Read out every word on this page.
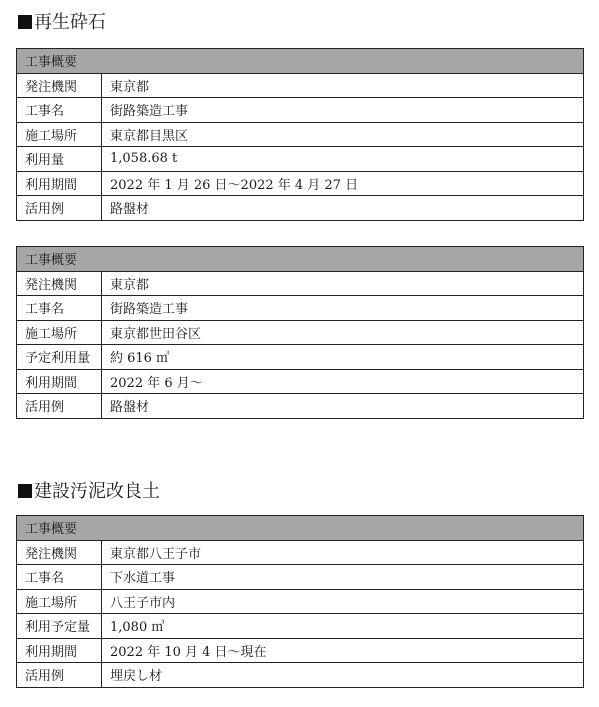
再生砕石
工事概要	
発注機関	東京都
工事名	街路築造工事
施工場所	東京都目黒区
利用量	1,058.68 t
利用期間	2022 年 1 月 26 日～2022 年 4 月 27 日
活用例	路盤材
工事概要	
発注機関	東京都
工事名	街路築造工事
施工場所	東京都世田谷区
予定利用量	約 616 ㎥
利用期間	2022 年 6 月～
活用例	路盤材
建設汚泥改良土
工事概要	
発注機関	東京都八王子市
工事名	下水道工事
施工場所	八王子市内
利用予定量	1,080 ㎥
利用期間	2022 年 10 月 4 日～現在
活用例	埋戻し材
